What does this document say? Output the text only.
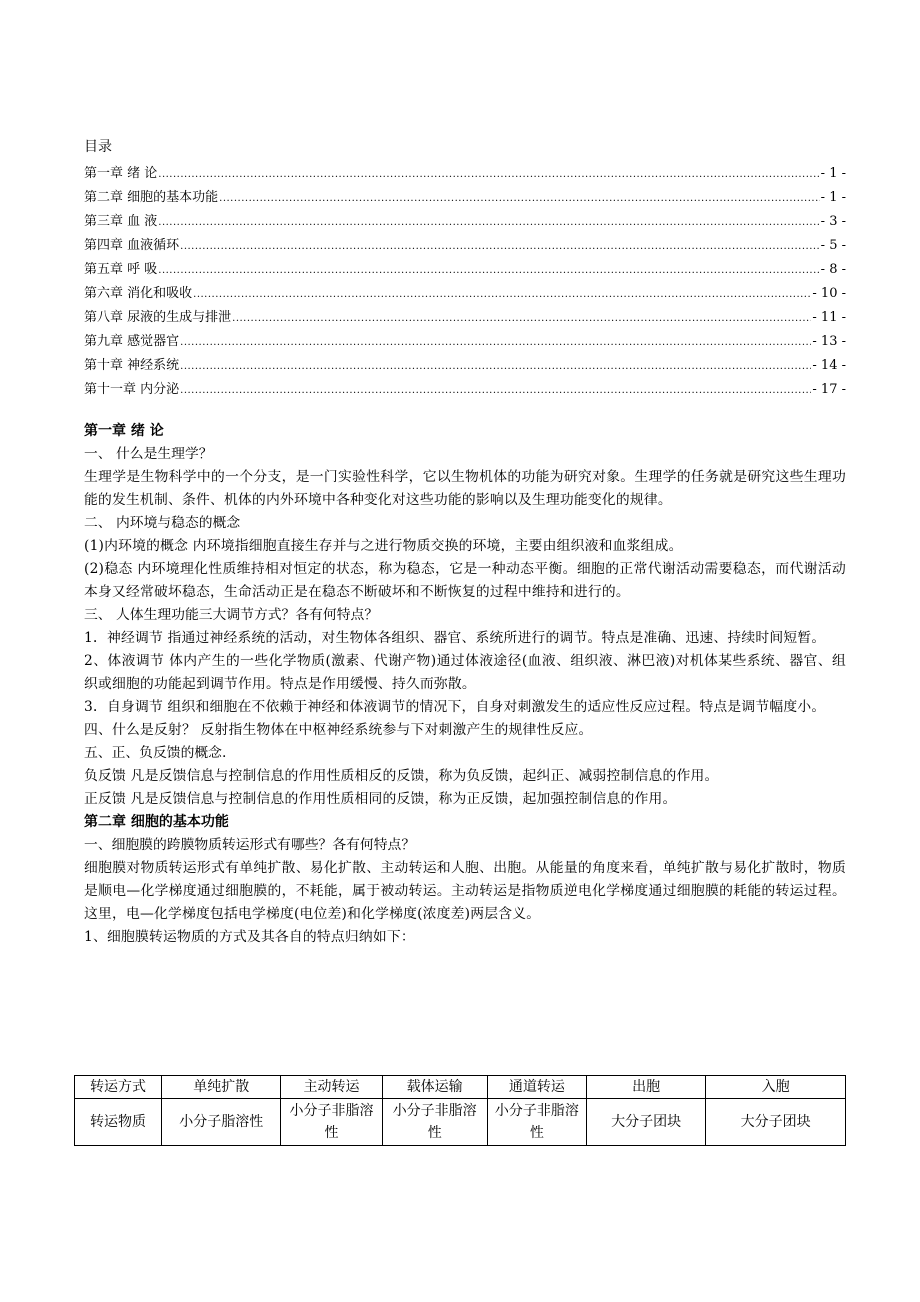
目录
第一章 绪 论 .....	- 1 -
第二章 细胞的基本功能 .....	- 1 -
第三章 血 液 .....	- 3 -
第四章 血液循环 .....	- 5 -
第五章 呼 吸 .....	- 8 -
第六章 消化和吸收 .....	- 10 -
第八章 尿液的生成与排泄 .....	- 11 -
第九章 感觉器官 .....	- 13 -
第十章 神经系统 .....	- 14 -
第十一章 内分泌 .....	- 17 -

第一章 绪 论

一、 什么是生理学？

生理学是生物科学中的一个分支，是一门实验性科学，它以生物机体的功能为研究对象。生理学的任务就是研究这些生理功能的发生机制、条件、机体的内外环境中各种变化对这些功能的影响以及生理功能变化的规律。

二、 内环境与稳态的概念

(1)内环境的概念 内环境指细胞直接生存并与之进行物质交换的环境，主要由组织液和血浆组成。

(2)稳态 内环境理化性质维持相对恒定的状态，称为稳态，它是一种动态平衡。细胞的正常代谢活动需要稳态，而代谢活动本身又经常破坏稳态，生命活动正是在稳态不断破坏和不断恢复的过程中维持和进行的。

三、 人体生理功能三大调节方式？各有何特点？

1．神经调节 指通过神经系统的活动，对生物体各组织、器官、系统所进行的调节。特点是准确、迅速、持续时间短暂。

2、体液调节 体内产生的一些化学物质(激素、代谢产物)通过体液途径(血液、组织液、淋巴液)对机体某些系统、器官、组织或细胞的功能起到调节作用。特点是作用缓慢、持久而弥散。

3．自身调节 组织和细胞在不依赖于神经和体液调节的情况下，自身对刺激发生的适应性反应过程。特点是调节幅度小。

四、什么是反射？ 反射指生物体在中枢神经系统参与下对刺激产生的规律性反应。

五、正、负反馈的概念.

负反馈 凡是反馈信息与控制信息的作用性质相反的反馈，称为负反馈，起纠正、减弱控制信息的作用。

正反馈 凡是反馈信息与控制信息的作用性质相同的反馈，称为正反馈，起加强控制信息的作用。

第二章 细胞的基本功能

一、细胞膜的跨膜物质转运形式有哪些？各有何特点？

细胞膜对物质转运形式有单纯扩散、易化扩散、主动转运和人胞、出胞。从能量的角度来看，单纯扩散与易化扩散时，物质是顺电—化学梯度通过细胞膜的，不耗能，属于被动转运。主动转运是指物质逆电化学梯度通过细胞膜的耗能的转运过程。这里，电—化学梯度包括电学梯度(电位差)和化学梯度(浓度差)两层含义。

1、细胞膜转运物质的方式及其各自的特点归纳如下：

转运方式	单纯扩散	主动转运	载体运输	通道转运	出胞	入胞
转运物质	小分子脂溶性	小分子非脂溶性	小分子非脂溶性	小分子非脂溶性	大分子团块	大分子团块
